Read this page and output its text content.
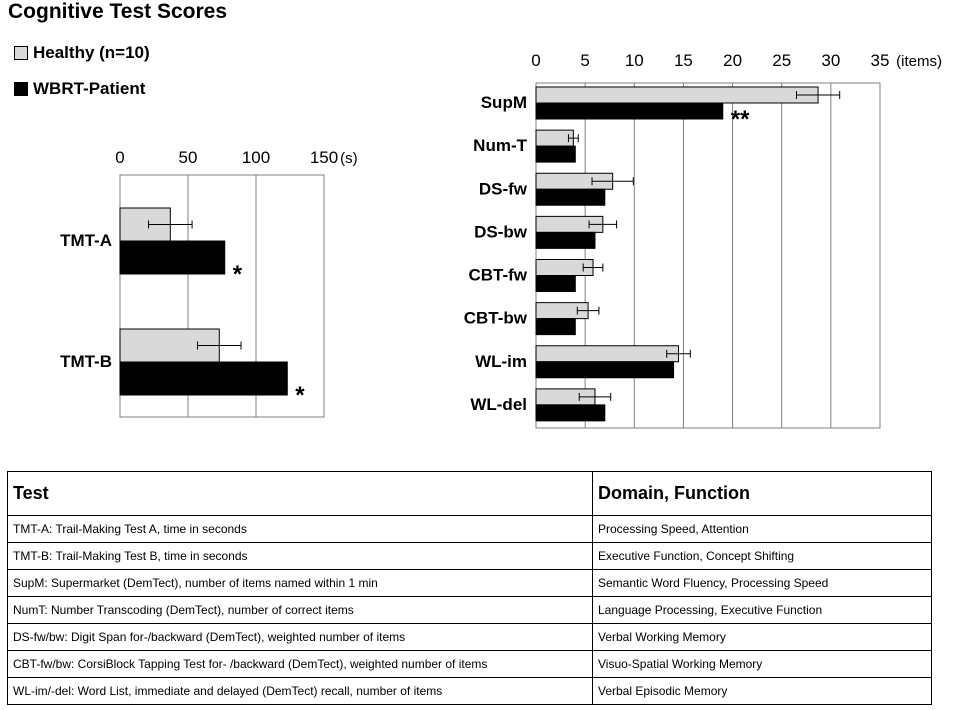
Cognitive Test Scores
Healthy (n=10)
WBRT-Patient
0	50	100 150 (s)
TMT-A
*
TMT-B
*
0 5 10 15 20 25 30 35 (items)
SupM
**
Num-T
DS-fw
DS-bw
CBT-fw
CBT-bw
WL-im
WL-del
Test	Domain, Function
TMT-A: Trail-Making Test A, time in seconds	Processing Speed, Attention
TMT-B: Trail-Making Test B, time in seconds	Executive Function, Concept Shifting
SupM: Supermarket (DemTect), number of items named within 1 min	Semantic Word Fluency, Processing Speed
NumT: Number Transcoding (DemTect), number of correct items	Language Processing, Executive Function
DS-fw/bw: Digit Span for-/backward (DemTect), weighted number of items	Verbal Working Memory
CBT-fw/bw: CorsiBlock Tapping Test for- /backward (DemTect), weighted number of items	Visuo-Spatial Working Memory
WL-im/-del: Word List, immediate and delayed (DemTect) recall, number of items	Verbal Episodic Memory
